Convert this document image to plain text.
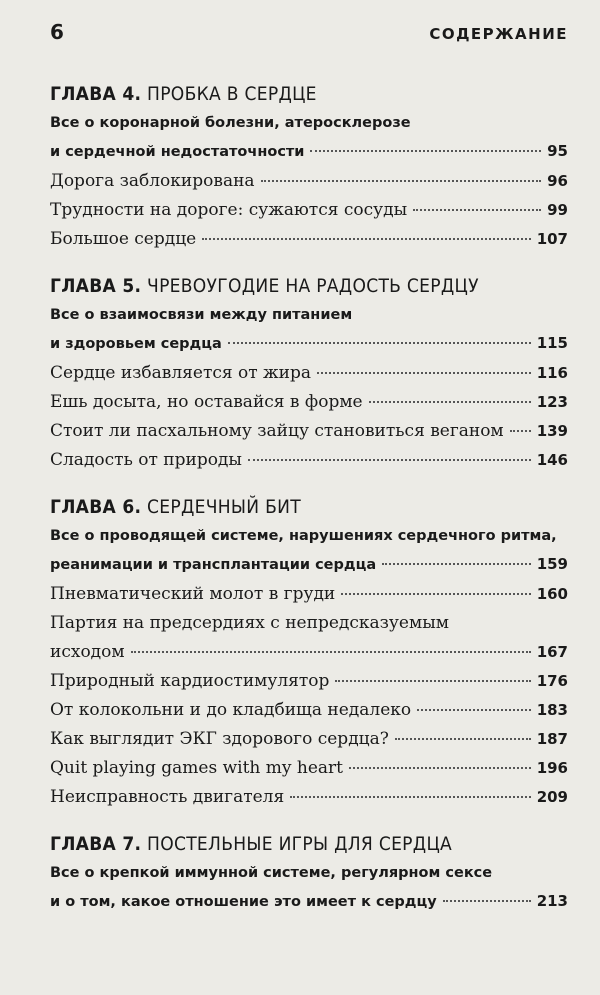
6	СОДЕРЖАНИЕ
ГЛАВА 4. ПРОБКА В СЕРДЦЕ
Все о коронарной болезни, атеросклерозе
и сердечной недостаточности	95
Дорога заблокирована	96
Трудности на дороге: сужаются сосуды	99
Большое сердце	107
ГЛАВА 5. ЧРЕВОУГОДИЕ НА РАДОСТЬ СЕРДЦУ
Все о взаимосвязи между питанием
и здоровьем сердца	115
Сердце избавляется от жира	116
Ешь досыта, но оставайся в форме	123
Стоит ли пасхальному зайцу становиться веганом 139
Сладость от природы	146
ГЛАВА 6. СЕРДЕЧНЫЙ БИТ
Все о проводящей системе, нарушениях сердечного ритма,
реанимации и трансплантации сердца	159
Пневматический молот в груди	160
Партия на предсердиях с непредсказуемым
исходом	167
Природный кардиостимулятор	176
От колокольни и до кладбища недалеко	183
Как выглядит ЭКГ здорового сердца?	187
Quit playing games with my heart	196
Неисправность двигателя	209
ГЛАВА 7. ПОСТЕЛЬНЫЕ ИГРЫ ДЛЯ СЕРДЦА
Все о крепкой иммунной системе, регулярном сексе
и о том, какое отношение это имеет к сердцу	213
